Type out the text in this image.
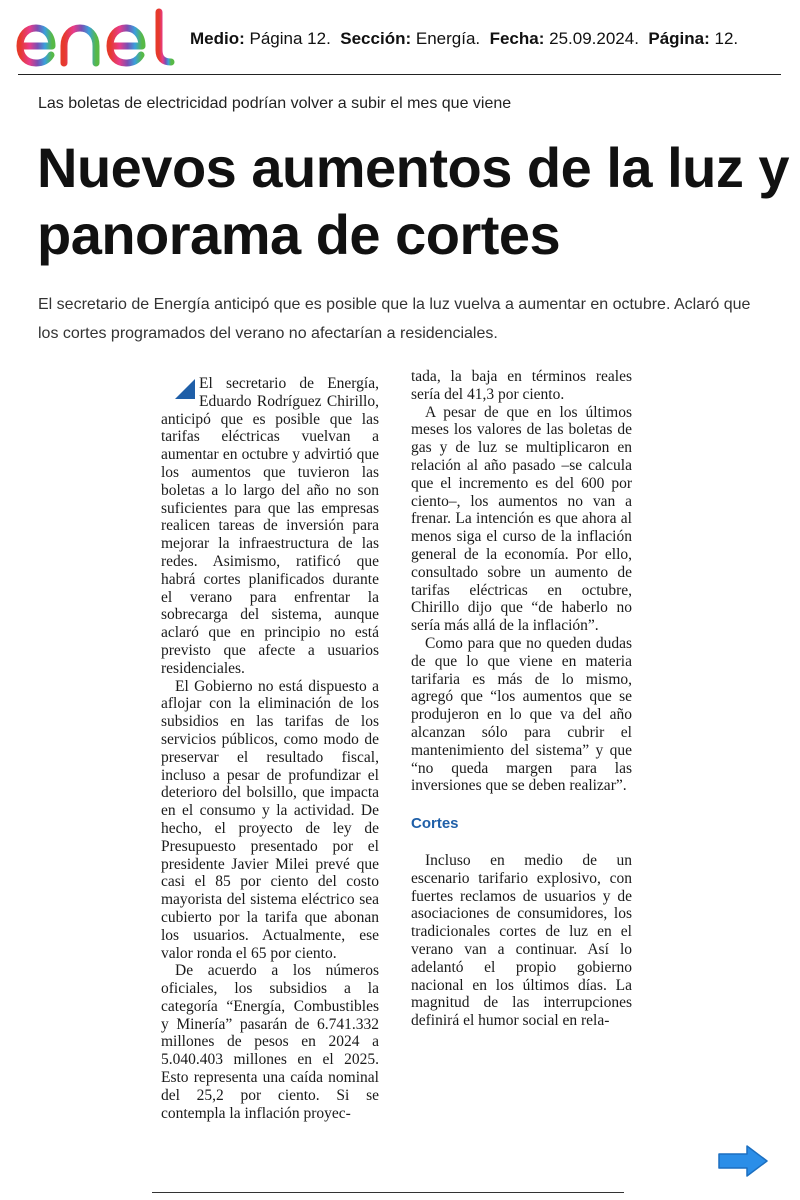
Medio: Página 12. Sección: Energía. Fecha: 25.09.2024. Página: 12.
Las boletas de electricidad podrían volver a subir el mes que viene
Nuevos aumentos de la luz y panorama de cortes
El secretario de Energía anticipó que es posible que la luz vuelva a aumentar en octubre. Aclaró que los cortes programados del verano no afectarían a residenciales.

El secretario de Energía, Eduardo Rodríguez Chirillo, anticipó que es posible que las tarifas eléctricas vuelvan a aumentar en octubre y advirtió que los aumentos que tuvieron las boletas a lo largo del año no son suficientes para que las empresas realicen tareas de inversión para mejorar la infraestructura de las redes. Asimismo, ratificó que habrá cortes planificados durante el verano para enfrentar la sobrecarga del sistema, aunque aclaró que en principio no está previsto que afecte a usuarios residenciales.

El Gobierno no está dispuesto a aflojar con la eliminación de los subsidios en las tarifas de los servicios públicos, como modo de preservar el resultado fiscal, incluso a pesar de profundizar el deterioro del bolsillo, que impacta en el consumo y la actividad. De hecho, el proyecto de ley de Presupuesto presentado por el presidente Javier Milei prevé que casi el 85 por ciento del costo mayorista del sistema eléctrico sea cubierto por la tarifa que abonan los usuarios. Actualmente, ese valor ronda el 65 por ciento.

De acuerdo a los números oficiales, los subsidios a la categoría “Energía, Combustibles y Minería” pasarán de 6.741.332 millones de pesos en 2024 a 5.040.403 millones en el 2025. Esto representa una caída nominal del 25,2 por ciento. Si se contempla la inflación proyec-

tada, la baja en términos reales sería del 41,3 por ciento.

A pesar de que en los últimos meses los valores de las boletas de gas y de luz se multiplicaron en relación al año pasado –se calcula que el incremento es del 600 por ciento–, los aumentos no van a frenar. La intención es que ahora al menos siga el curso de la inflación general de la economía. Por ello, consultado sobre un aumento de tarifas eléctricas en octubre, Chirillo dijo que “de haberlo no sería más allá de la inflación”.

Como para que no queden dudas de que lo que viene en materia tarifaria es más de lo mismo, agregó que “los aumentos que se produjeron en lo que va del año alcanzan sólo para cubrir el mantenimiento del sistema” y que “no queda margen para las inversiones que se deben realizar”.

Cortes

Incluso en medio de un escenario tarifario explosivo, con fuertes reclamos de usuarios y de asociaciones de consumidores, los tradicionales cortes de luz en el verano van a continuar. Así lo adelantó el propio gobierno nacional en los últimos días. La magnitud de las interrupciones definirá el humor social en rela-
